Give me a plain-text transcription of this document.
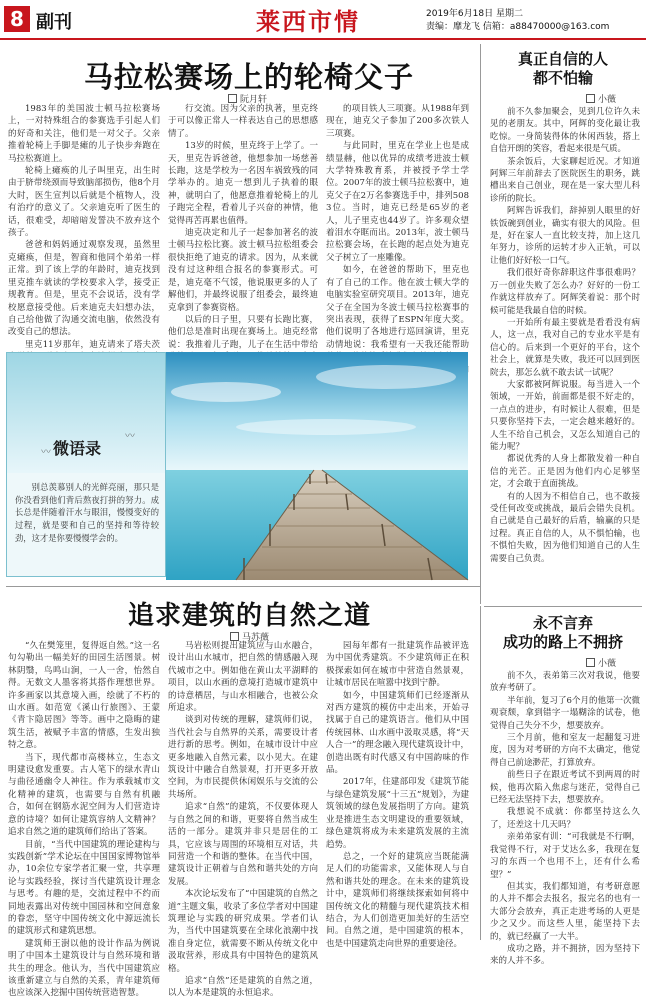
8 副刊	莱西市情	2019年6月18日 星期二
责编：靡龙飞 信箱：a88470000@163.com
马拉松赛场上的轮椅父子
阮月轩

1983年的美国波士顿马拉松赛场上，一对特殊组合的参赛选手引起人们的好奇和关注，他们是一对父子。父亲推着轮椅上手脚是瘫的儿子快步奔跑在马拉松赛道上。

轮椅上瘫痪的儿子叫里克，出生时由于脐带绕颈而导致脑部损伤，他8个月大时，医生宣判以后就是个植物人，没有治疗的意义了。父亲迪克听了医生的话，很难受，却暗暗发誓决不放弃这个孩子。

爸爸和妈妈通过观察发现，虽然里克瘫痪，但是，智商和他同个弟弟一样正常。到了该上学的年龄时，迪克找到里克推车就读的学校要求入学，接受正规教育。但是，里克不会说话，没有学校愿意接受他。后来迪克夫妇想办法，自己给他做了沟通交流电脑，依然没有改变自己的想法。

里克11岁那年，迪克请来了塔夫茨

行交流。因为父亲的执著，里克终于可以像正常人一样表达自己的思想感情了。

13岁的时候，里克终于上学了。一天，里克告诉爸爸，他想参加一场慈善长跑，这是学校为一名因车祸致残的同学举办的。迪克一想到儿子执着的眼神，就明白了，他愿意推着轮椅上的儿子跑完全程，看着儿子兴奋的神情，他觉得再苦再累也值得。

迪克决定和儿子一起参加著名的波士顿马拉松比赛。波士顿马拉松组委会很快拒绝了迪克的请求。因为，从来就没有过这种组合报名的参赛形式。可是，迪克毫不气馁，他说服更多的人了解他们，并最终说服了组委会，最终迪克拿到了参赛资格。

以后的日子里，只要有长跑比赛，他们总是准时出现在赛场上。迪克经常说：我推着儿子跑，儿子在生活中带给

的项目铁人三项赛。从1988年到现在，迪克父子参加了200多次铁人三项赛。

与此同时，里克在学业上也是成绩显赫，他以优异的成绩考进波士顿大学特殊教育系，并被授予学士学位。2007年的波士顿马拉松赛中，迪克父子在2万名参赛选手中，排列5083位。当时，迪克已经是65岁的老人，儿子里克也44岁了。许多观众望着泪水夺眶而出。2013年，波士顿马拉松赛会场，在长跑的起点处为迪克父子树立了一座雕像。

如今，在爸爸的帮助下，里克也有了自己的工作。他在波士顿大学的电脑实验室研究项目。2013年，迪克父子在全国为冬波士顿马拉松赛事的突出表现，获得了ESPN年度大奖。他们说明了各地进行巡回演讲，里克动情地说：我希望有一天我还能帮助

真正自信的人
都不怕输
小薇

前不久参加聚会，见到几位许久未见的老朋友。其中，阿辉的变化最让我吃惊。一身简装得体的休闲西装，搭上自信开朗的笑容，看起来很是气质。

茶余饭后，大家聊起近况。才知道阿辉三年前辞去了医院医生的职务，跳槽出来自己创业，现在是一家大型儿科诊所的院长。

阿辉告诉我们，辞掉别人眼里的好铁饭碗到创业，确实有很大的风险。但是，好在家人一直比较支持，加上这几年努力，诊所的运转才步入正轨，可以让他们好好松一口气。

我们很好奇你辞职这件事很难吗？万一创业失败了怎么办？好好的一份工作就这样放弃了。阿辉笑着说：那个时候可能是我最自信的时候。

一开始所有最主要就是看看没有病人，这一点，我对自己的专业水平是有信心的。后来到一个更好的平台，这个社会上，就算是失败，我还可以回到医院去，那怎么就不敢去试一试呢？

大家都被阿辉说服。每当进入一个领域，一开始，前面都是很不好走的，一点点的进步，有时候让人很难，但是只要你坚持下去，一定会越来越好的。人生不给自己机会，又怎么知道自己的能力呢？

都说优秀的人身上都散发着一种自信的光芒。正是因为他们内心足够坚定，才会敢于直面挑战。

有的人因为不相信自己，也不敢接受任何改变或挑战，最后会错失良机。自己就是自己最好的后盾，输赢的只是过程。真正自信的人，从不惧怕输，也不惧怕失败，因为他们知道自己的人生需要自己负责。

〰
〰
微语录
别总羡慕别人的光鲜亮丽，那只是你没看到他们背后熬夜打拼的努力。成长总是伴随着汗水与眼泪，慢慢变好的过程，就是要和自己的坚持和等待较劲，这才是你要慢慢学会的。
追求建筑的自然之道
马苏薇

“久在樊笼里，复得返自然。”这一名句勾勒出一幅美好的田园生活图景。树林阴翳，鸟鸣山涧，一人一舍，怡然自得。无数文人墨客将其搭作理想世界。许多画家以其意境入画，绘就了不朽的山水画。如范宽《溪山行旅图》、王蒙《青卞隐居图》等等。画中之隐晦的建筑生活，被赋予丰富的情感，生发出独特之意。

当下，现代都市高楼林立，生态文明建设愈发重要。古人笔下的绿水青山与曲径通幽令人神往。作为承载城市文化精神的建筑，也需要与自然有机融合，如何在钢筋水泥空间为人们营造诗意的诗境？如何让建筑容纳人文精神？追求自然之道的建筑师们给出了答案。

目前，“当代中国建筑的理论建构与实践创新”学术论坛在中国国家博物馆举办，10余位专家学者汇聚一堂，共享理论与实践经验，探讨当代建筑设计理念与思考。有趣的是，交流过程中不约而同地表露出对传统中国园林和空间意象的眷恋，坚守中国传统文化中源远流长的建筑形式和建筑思想。

建筑师王澍以他的设计作品为例说明了中国本土建筑设计与自然环境和谐共生的理念。他认为，当代中国建筑应该重新建立与自然的关系，青年建筑师也应该深入挖掘中国传统营造智慧。

马岩松则提出建筑应与山水融合，设计出山水城市，把自然的情感融入现代城市之中。例如他在黄山太平湖畔的项目，以山水画的意境打造城市建筑中的诗意栖居，与山水相融合，也被公众所追求。

谈到对传统的理解，建筑师们说，当代社会与自然界的关系，需要设计者进行新的思考。例如，在城市设计中应更多地融入自然元素，以小见大。在建筑设计中融合自然景观，打开更多开放空间，为市民提供休闲娱乐与交流的公共场所。

追求“自然”的建筑，不仅要体现人与自然之间的和谐，更要将自然当成生活的一部分。建筑并非只是居住的工具，它应该与周围的环境相互对话，共同营造一个和谐的整体。在当代中国，建筑设计正朝着与自然和谐共处的方向发展。

本次论坛发布了“中国建筑的自然之道”主题文集，收录了多位学者对中国建筑理论与实践的研究成果。学者们认为，当代中国建筑要在全球化浪潮中找准自身定位，就需要不断从传统文化中汲取营养，形成具有中国特色的建筑风格。

追求“自然”还是建筑的自然之道，以人为本是建筑的永恒追求。

园每年都有一批建筑作品被评选为中国优秀建筑。不少建筑师正在积极探索如何在城市中营造自然景观，让城市居民在喧嚣中找到宁静。

如今，中国建筑师们已经逐渐从对西方建筑的模仿中走出来，开始寻找属于自己的建筑语言。他们从中国传统园林、山水画中汲取灵感，将“天人合一”的理念融入现代建筑设计中，创造出既有时代感又有中国韵味的作品。

2017年，住建部印发《建筑节能与绿色建筑发展“十三五”规划》，为建筑领域的绿色发展指明了方向。建筑业是推进生态文明建设的重要领域，绿色建筑将成为未来建筑发展的主流趋势。

总之，一个好的建筑应当既能满足人们的功能需求，又能体现人与自然和谐共处的理念。在未来的建筑设计中，建筑师们将继续探索如何将中国传统文化的精髓与现代建筑技术相结合，为人们创造更加美好的生活空间。自然之道，是中国建筑的根本，也是中国建筑走向世界的重要途径。

永不言弃
成功的路上不拥挤
小薇

前不久，表弟第三次对我说，他要放弃考研了。

半年前，复习了6个月的他第一次微观衰颓，拿到错字一塌糊涂的试卷，他觉得自己失分不少，想要放弃。

三个月前，他和室友一起翻复习进度，因为对考研的方向不太确定，他觉得自己前途渺茫，打算放弃。

前些日子在跟近考试不到两周的时候，他再次陷入焦虑与迷茫，觉得自己已经无法坚持下去，想要放弃。

我想说不成就：你都坚持这么久了，还差这十几天吗？

亲弟弟家有训：“可我就是不行啊，我觉得不行，对于艾达么多，我现在复习的东西一个也用不上，还有什么希望？”

但其实，我们都知道，有考研意愿的人并不都会去报名，报完名的也有一大部分会放弃，真正走进考场的人更是少之又少。而这些人里，能坚持下去的，就已经赢了一大半。

成功之路，并不拥挤，因为坚持下来的人并不多。
